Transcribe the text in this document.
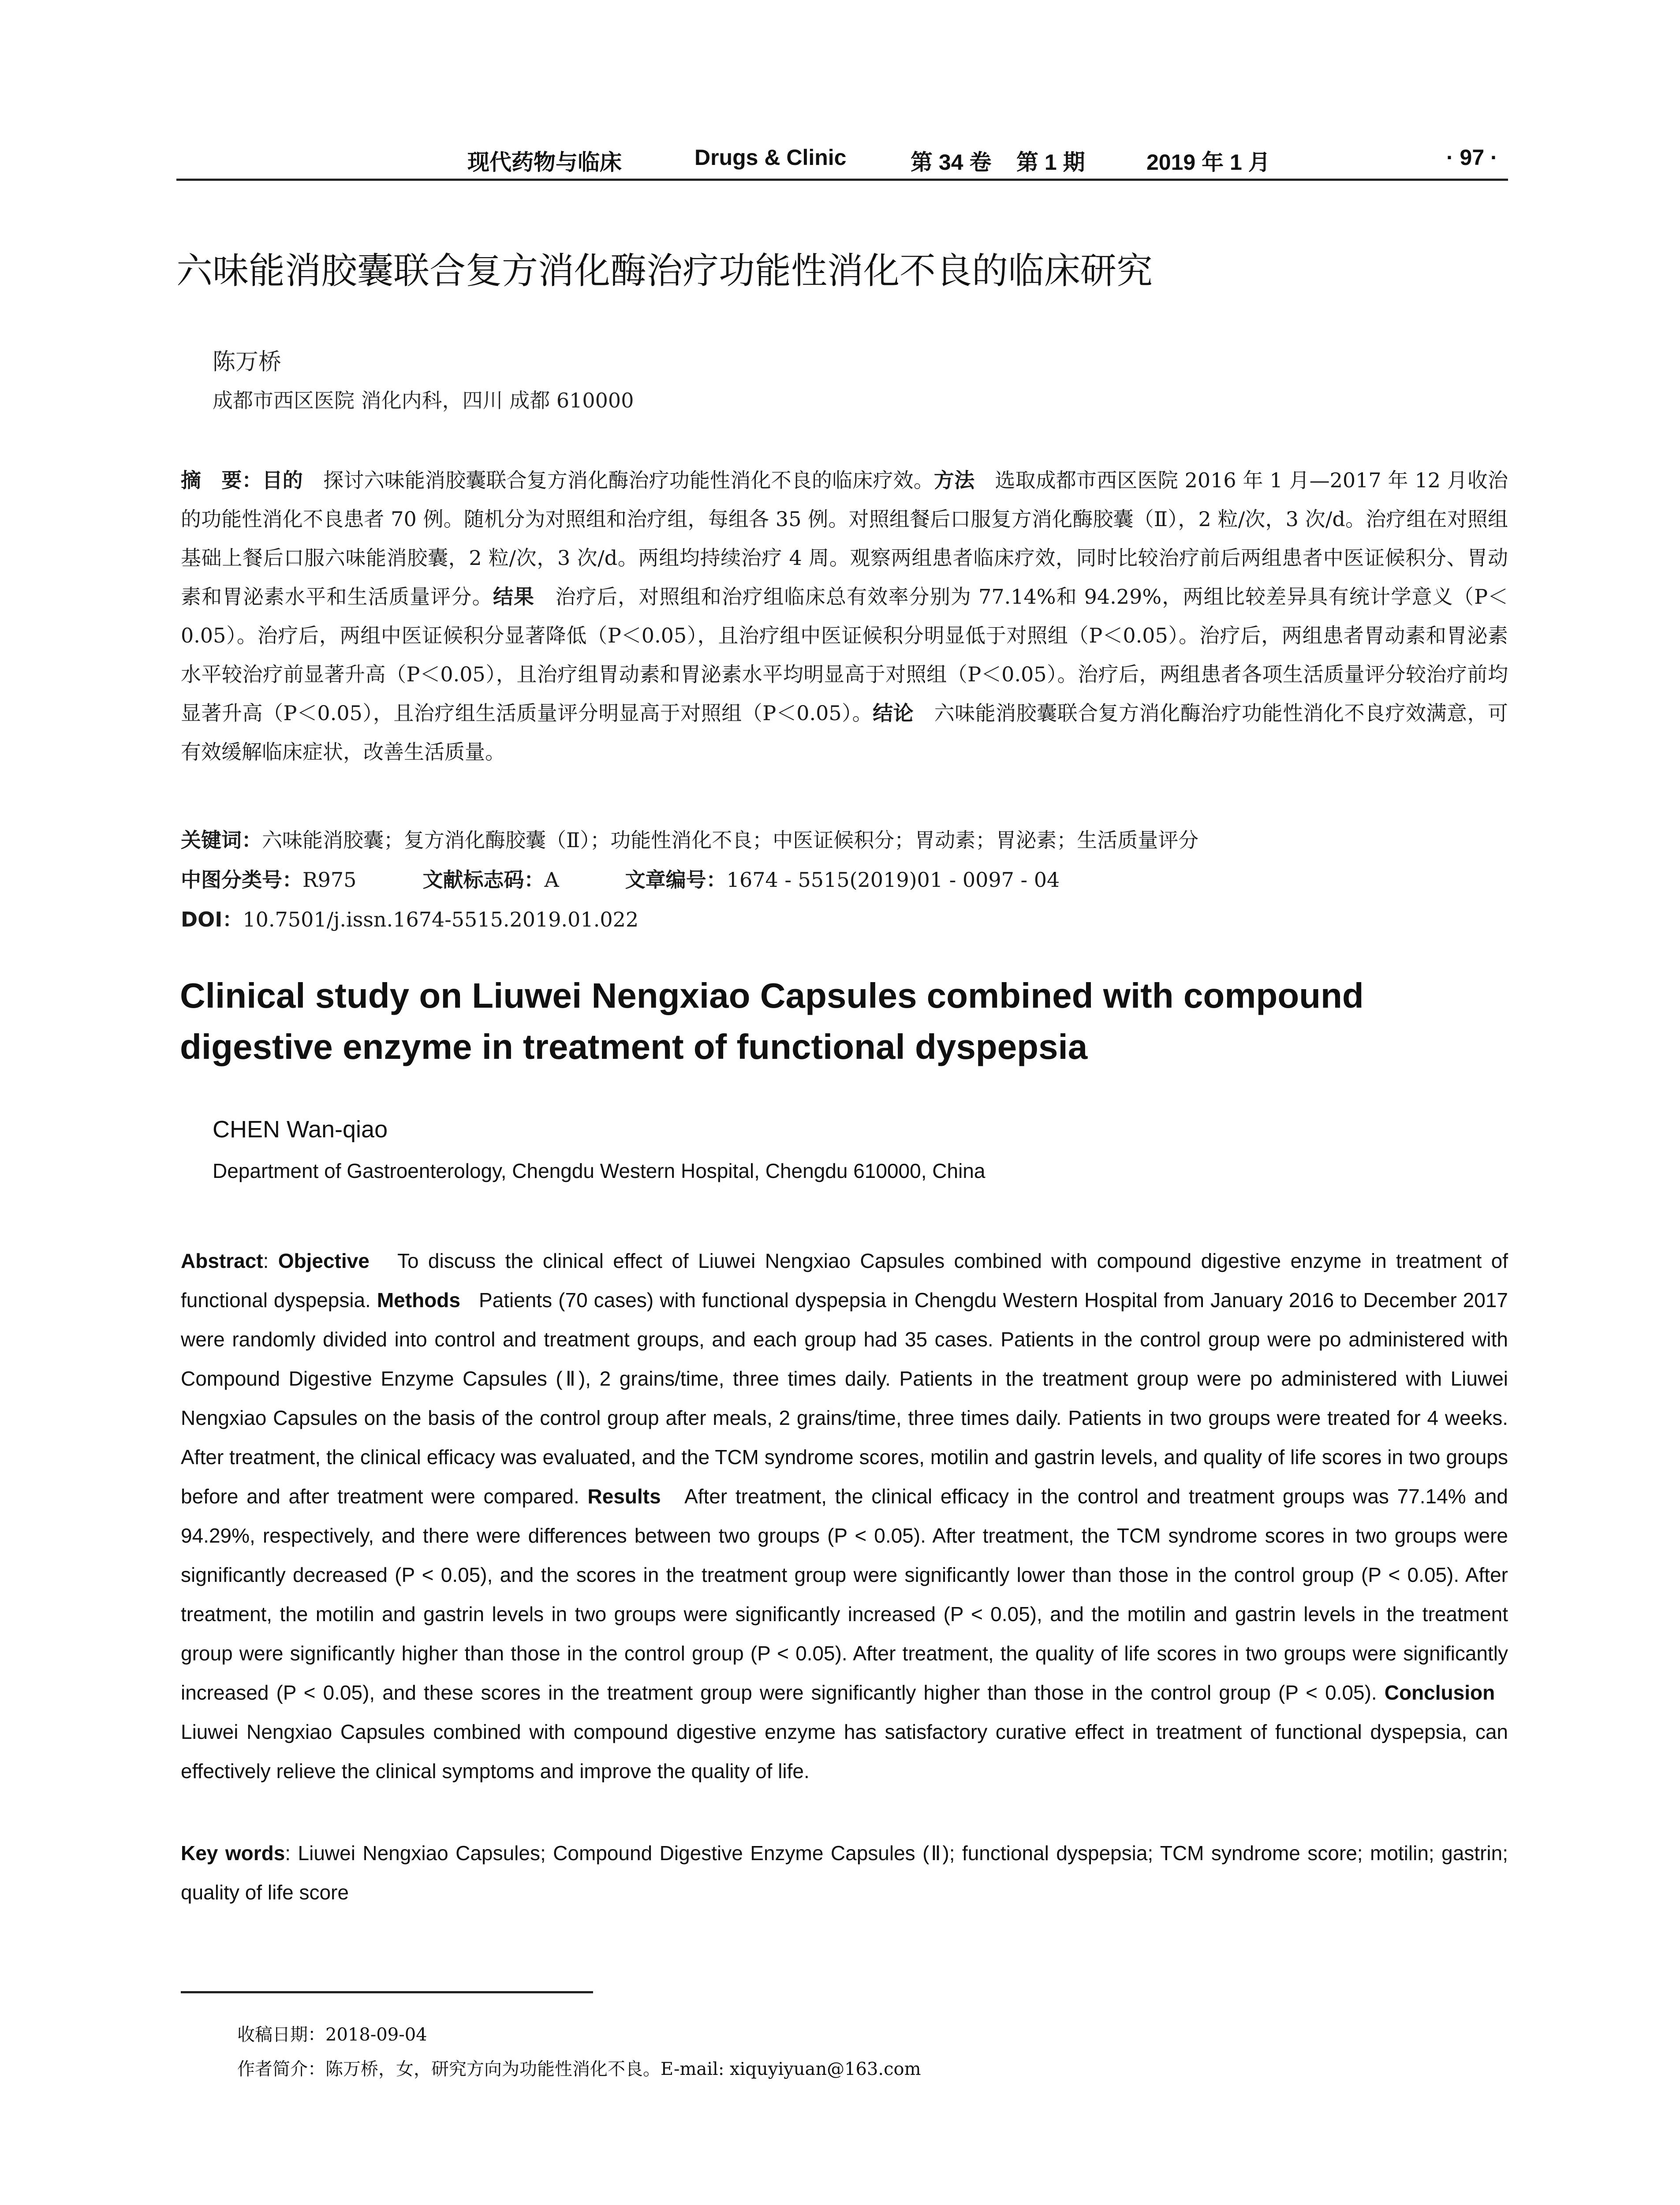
现代药物与临床	Drugs & Clinic	第 34 卷 第 1 期	2019 年 1 月	· 97 ·
六味能消胶囊联合复方消化酶治疗功能性消化不良的临床研究
陈万桥
成都市西区医院 消化内科，四川 成都 610000
摘　要：目的　 探讨六味能消胶囊联合复方消化酶治疗功能性消化不良的临床疗效。方法　 选取成都市西区医院 2016 年 1 月—2017 年 12 月收治的功能性消化不良患者 70 例。随机分为对照组和治疗组，每组各 35 例。对照组餐后口服复方消化酶胶囊（Ⅱ），2 粒/次，3 次/d。治疗组在对照组基础上餐后口服六味能消胶囊，2 粒/次，3 次/d。两组均持续治疗 4 周。观察两组患者临床疗效，同时比较治疗前后两组患者中医证候积分、胃动素和胃泌素水平和生活质量评分。结果　 治疗后，对照组和治疗组临床总有效率分别为 77.14%和 94.29%，两组比较差异具有统计学意义（P＜0.05）。治疗后，两组中医证候积分显著降低（P＜0.05），且治疗组中医证候积分明显低于对照组（P＜0.05）。治疗后，两组患者胃动素和胃泌素水平较治疗前显著升高（P＜0.05），且治疗组胃动素和胃泌素水平均明显高于对照组（P＜0.05）。治疗后，两组患者各项生活质量评分较治疗前均显著升高（P＜0.05），且治疗组生活质量评分明显高于对照组（P＜0.05）。结论　 六味能消胶囊联合复方消化酶治疗功能性消化不良疗效满意，可有效缓解临床症状，改善生活质量。
关键词：六味能消胶囊；复方消化酶胶囊（Ⅱ）；功能性消化不良；中医证候积分；胃动素；胃泌素；生活质量评分
中图分类号：R975	文献标志码：A	文章编号：1674 - 5515(2019)01 - 0097 - 04
DOI：10.7501/j.issn.1674-5515.2019.01.022
Clinical study on Liuwei Nengxiao Capsules combined with compound digestive enzyme in treatment of functional dyspepsia
CHEN Wan-qiao
Department of Gastroenterology, Chengdu Western Hospital, Chengdu 610000, China
Abstract: Objective To discuss the clinical effect of Liuwei Nengxiao Capsules combined with compound digestive enzyme in treatment of functional dyspepsia. Methods Patients (70 cases) with functional dyspepsia in Chengdu Western Hospital from January 2016 to December 2017 were randomly divided into control and treatment groups, and each group had 35 cases. Patients in the control group were po administered with Compound Digestive Enzyme Capsules (Ⅱ), 2 grains/time, three times daily. Patients in the treatment group were po administered with Liuwei Nengxiao Capsules on the basis of the control group after meals, 2 grains/time, three times daily. Patients in two groups were treated for 4 weeks. After treatment, the clinical efficacy was evaluated, and the TCM syndrome scores, motilin and gastrin levels, and quality of life scores in two groups before and after treatment were compared. Results After treatment, the clinical efficacy in the control and treatment groups was 77.14% and 94.29%, respectively, and there were differences between two groups (P < 0.05). After treatment, the TCM syndrome scores in two groups were significantly decreased (P < 0.05), and the scores in the treatment group were significantly lower than those in the control group (P < 0.05). After treatment, the motilin and gastrin levels in two groups were significantly increased (P < 0.05), and the motilin and gastrin levels in the treatment group were significantly higher than those in the control group (P < 0.05). After treatment, the quality of life scores in two groups were significantly increased (P < 0.05), and these scores in the treatment group were significantly higher than those in the control group (P < 0.05). Conclusion   Liuwei Nengxiao Capsules combined with compound digestive enzyme has satisfactory curative effect in treatment of functional dyspepsia, can effectively relieve the clinical symptoms and improve the quality of life.
Key words: Liuwei Nengxiao Capsules; Compound Digestive Enzyme Capsules (Ⅱ); functional dyspepsia; TCM syndrome score; motilin; gastrin; quality of life score
收稿日期：2018-09-04
作者简介：陈万桥，女，研究方向为功能性消化不良。E-mail: xiquyiyuan@163.com
